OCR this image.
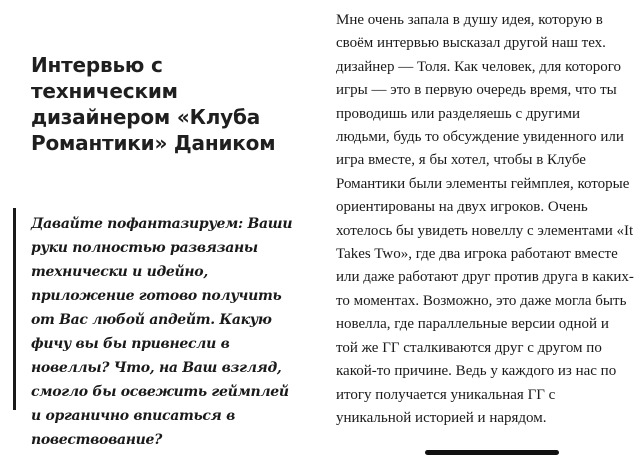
Интервью с техническим дизайнером «Клуба Романтики» Даником

Давайте пофантазируем: Ваши руки полностью развязаны технически и идейно, приложение готово получить от Вас любой апдейт. Какую фичу вы бы привнесли в новеллы? Что, на Ваш взгляд, смогло бы освежить геймплей и органично вписаться в повествование?

Мне очень запала в душу идея, которую в своём интервью высказал другой наш тех. дизайнер — Толя. Как человек, для которого игры — это в первую очередь время, что ты проводишь или разделяешь с другими людьми, будь то обсуждение увиденного или игра вместе, я бы хотел, чтобы в Клубе Романтики были элементы геймплея, которые ориентированы на двух игроков. Очень хотелось бы увидеть новеллу с элементами «It Takes Two», где два игрока работают вместе или даже работают друг против друга в каких-то моментах. Возможно, это даже могла быть новелла, где параллельные версии одной и той же ГГ сталкиваются друг с другом по какой-то причине. Ведь у каждого из нас по итогу получается уникальная ГГ с уникальной историей и нарядом.
